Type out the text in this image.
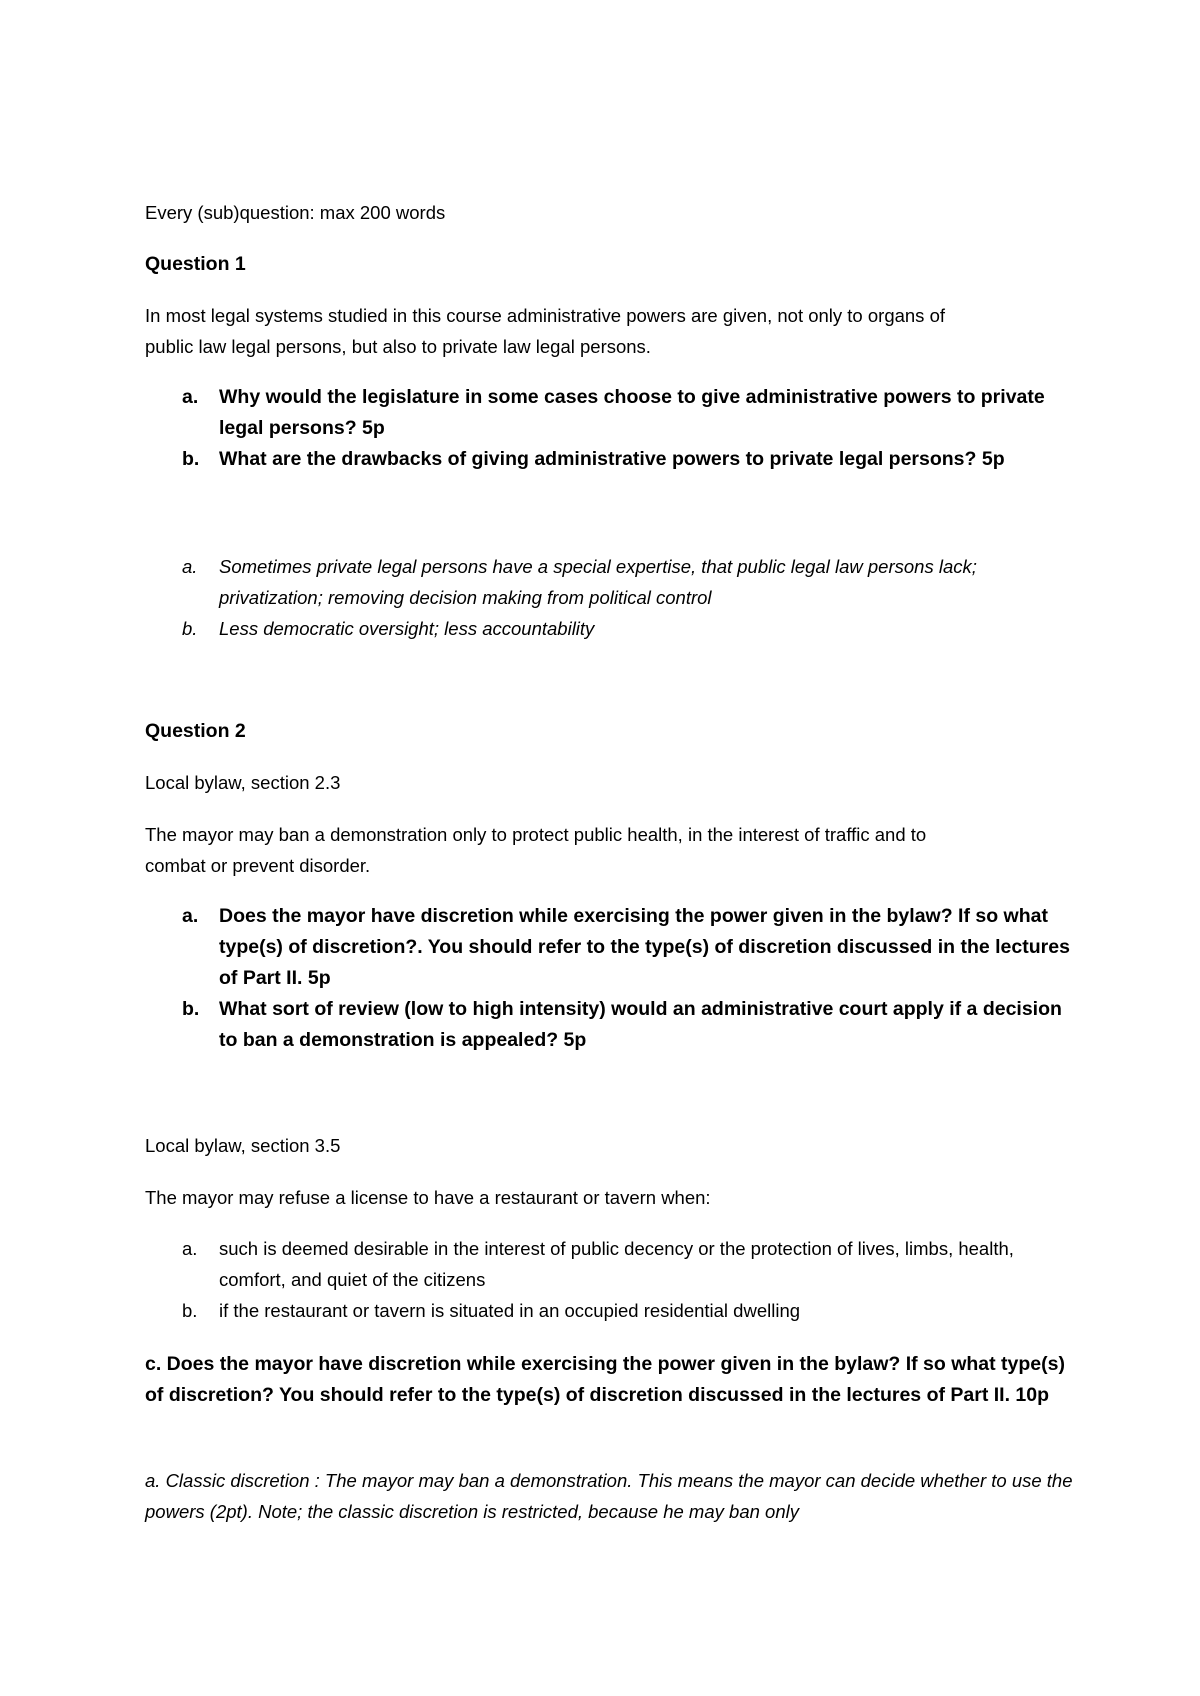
Every (sub)question: max 200 words
Question 1
In most legal systems studied in this course administrative powers are given, not only to organs of
public law legal persons, but also to private law legal persons.
a. Why would the legislature in some cases choose to give administrative powers to private legal persons? 5p
b. What are the drawbacks of giving administrative powers to private legal persons? 5p
a. Sometimes private legal persons have a special expertise, that public legal law persons lack; privatization; removing decision making from political control
b. Less democratic oversight; less accountability
Question 2
Local bylaw, section 2.3
The mayor may ban a demonstration only to protect public health, in the interest of traffic and to
combat or prevent disorder.
a. Does the mayor have discretion while exercising the power given in the bylaw? If so what type(s) of discretion?. You should refer to the type(s) of discretion discussed in the lectures of Part II. 5p
b. What sort of review (low to high intensity) would an administrative court apply if a decision to ban a demonstration is appealed? 5p
Local bylaw, section 3.5
The mayor may refuse a license to have a restaurant or tavern when:
a. such is deemed desirable in the interest of public decency or the protection of lives, limbs, health, comfort, and quiet of the citizens
b. if the restaurant or tavern is situated in an occupied residential dwelling
c. Does the mayor have discretion while exercising the power given in the bylaw? If so what type(s) of discretion? You should refer to the type(s) of discretion discussed in the lectures of Part II. 10p
a. Classic discretion : The mayor may ban a demonstration. This means the mayor can decide whether to use the powers (2pt). Note; the classic discretion is restricted, because he may ban only
